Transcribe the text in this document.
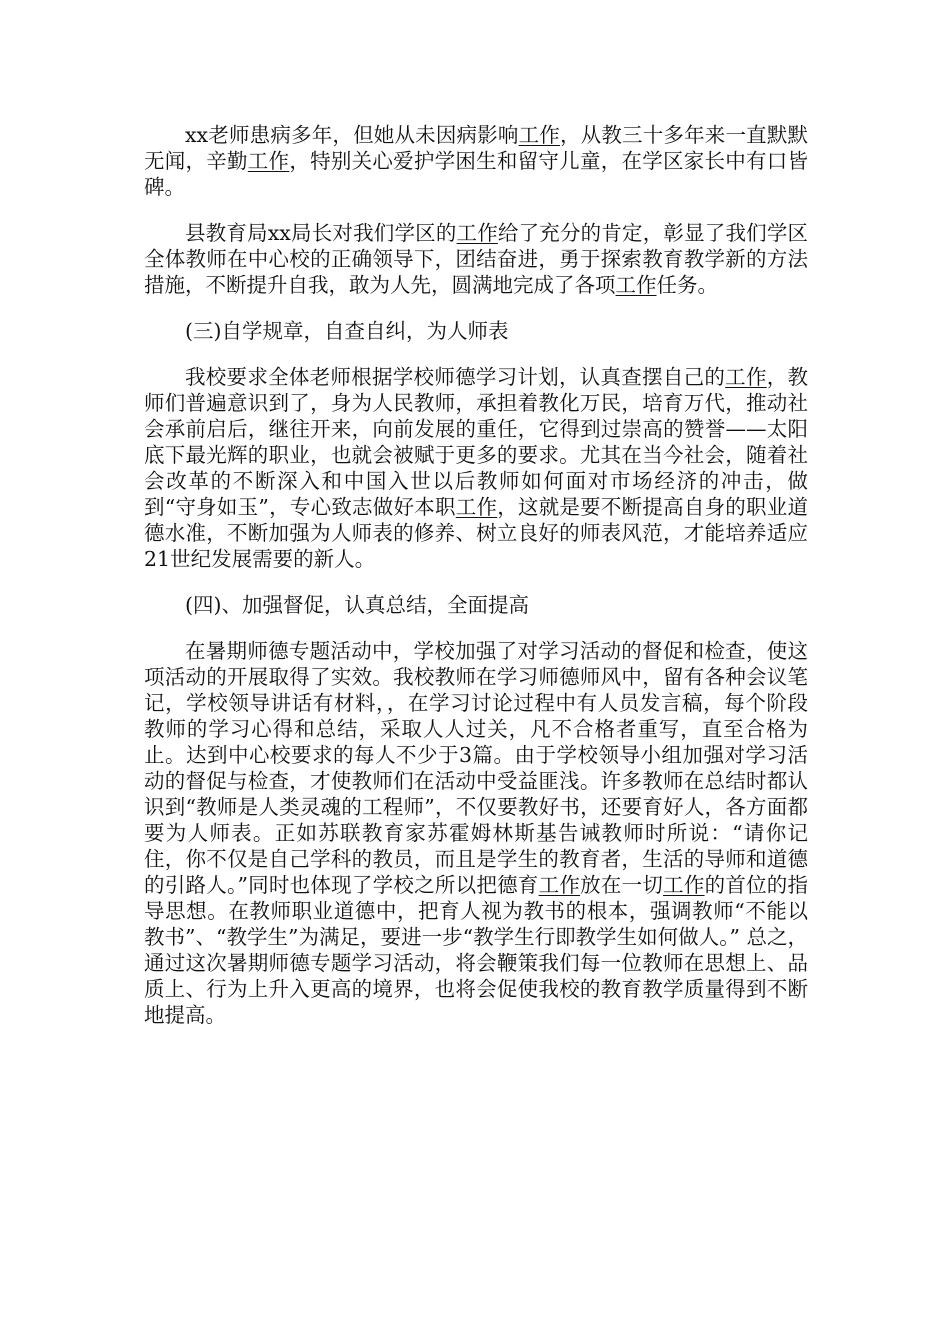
xx老师患病多年，但她从未因病影响工作，从教三十多年来一直默默无闻，辛勤工作，特别关心爱护学困生和留守儿童，在学区家长中有口皆碑。

县教育局xx局长对我们学区的工作给了充分的肯定，彰显了我们学区全体教师在中心校的正确领导下，团结奋进，勇于探索教育教学新的方法措施，不断提升自我，敢为人先，圆满地完成了各项工作任务。

(三)自学规章，自查自纠，为人师表

我校要求全体老师根据学校师德学习计划，认真查摆自己的工作，教师们普遍意识到了，身为人民教师，承担着教化万民，培育万代，推动社会承前启后，继往开来，向前发展的重任，它得到过崇高的赞誉——太阳底下最光辉的职业，也就会被赋于更多的要求。尤其在当今社会，随着社会改革的不断深入和中国入世以后教师如何面对市场经济的冲击，做到“守身如玉”，专心致志做好本职工作，这就是要不断提高自身的职业道德水准，不断加强为人师表的修养、树立良好的师表风范，才能培养适应21世纪发展需要的新人。

(四)、加强督促，认真总结，全面提高

在暑期师德专题活动中，学校加强了对学习活动的督促和检查，使这项活动的开展取得了实效。我校教师在学习师德师风中，留有各种会议笔记，学校领导讲话有材料，，在学习讨论过程中有人员发言稿，每个阶段教师的学习心得和总结，采取人人过关，凡不合格者重写，直至合格为止。达到中心校要求的每人不少于3篇。由于学校领导小组加强对学习活动的督促与检查，才使教师们在活动中受益匪浅。许多教师在总结时都认识到“教师是人类灵魂的工程师”，不仅要教好书，还要育好人，各方面都要为人师表。正如苏联教育家苏霍姆林斯基告诫教师时所说：“请你记住，你不仅是自己学科的教员，而且是学生的教育者，生活的导师和道德的引路人。”同时也体现了学校之所以把德育工作放在一切工作的首位的指导思想。在教师职业道德中，把育人视为教书的根本，强调教师“不能以教书”、“教学生”为满足，要进一步“教学生行即教学生如何做人。” 总之，通过这次暑期师德专题学习活动，将会鞭策我们每一位教师在思想上、品质上、行为上升入更高的境界，也将会促使我校的教育教学质量得到不断地提高。
